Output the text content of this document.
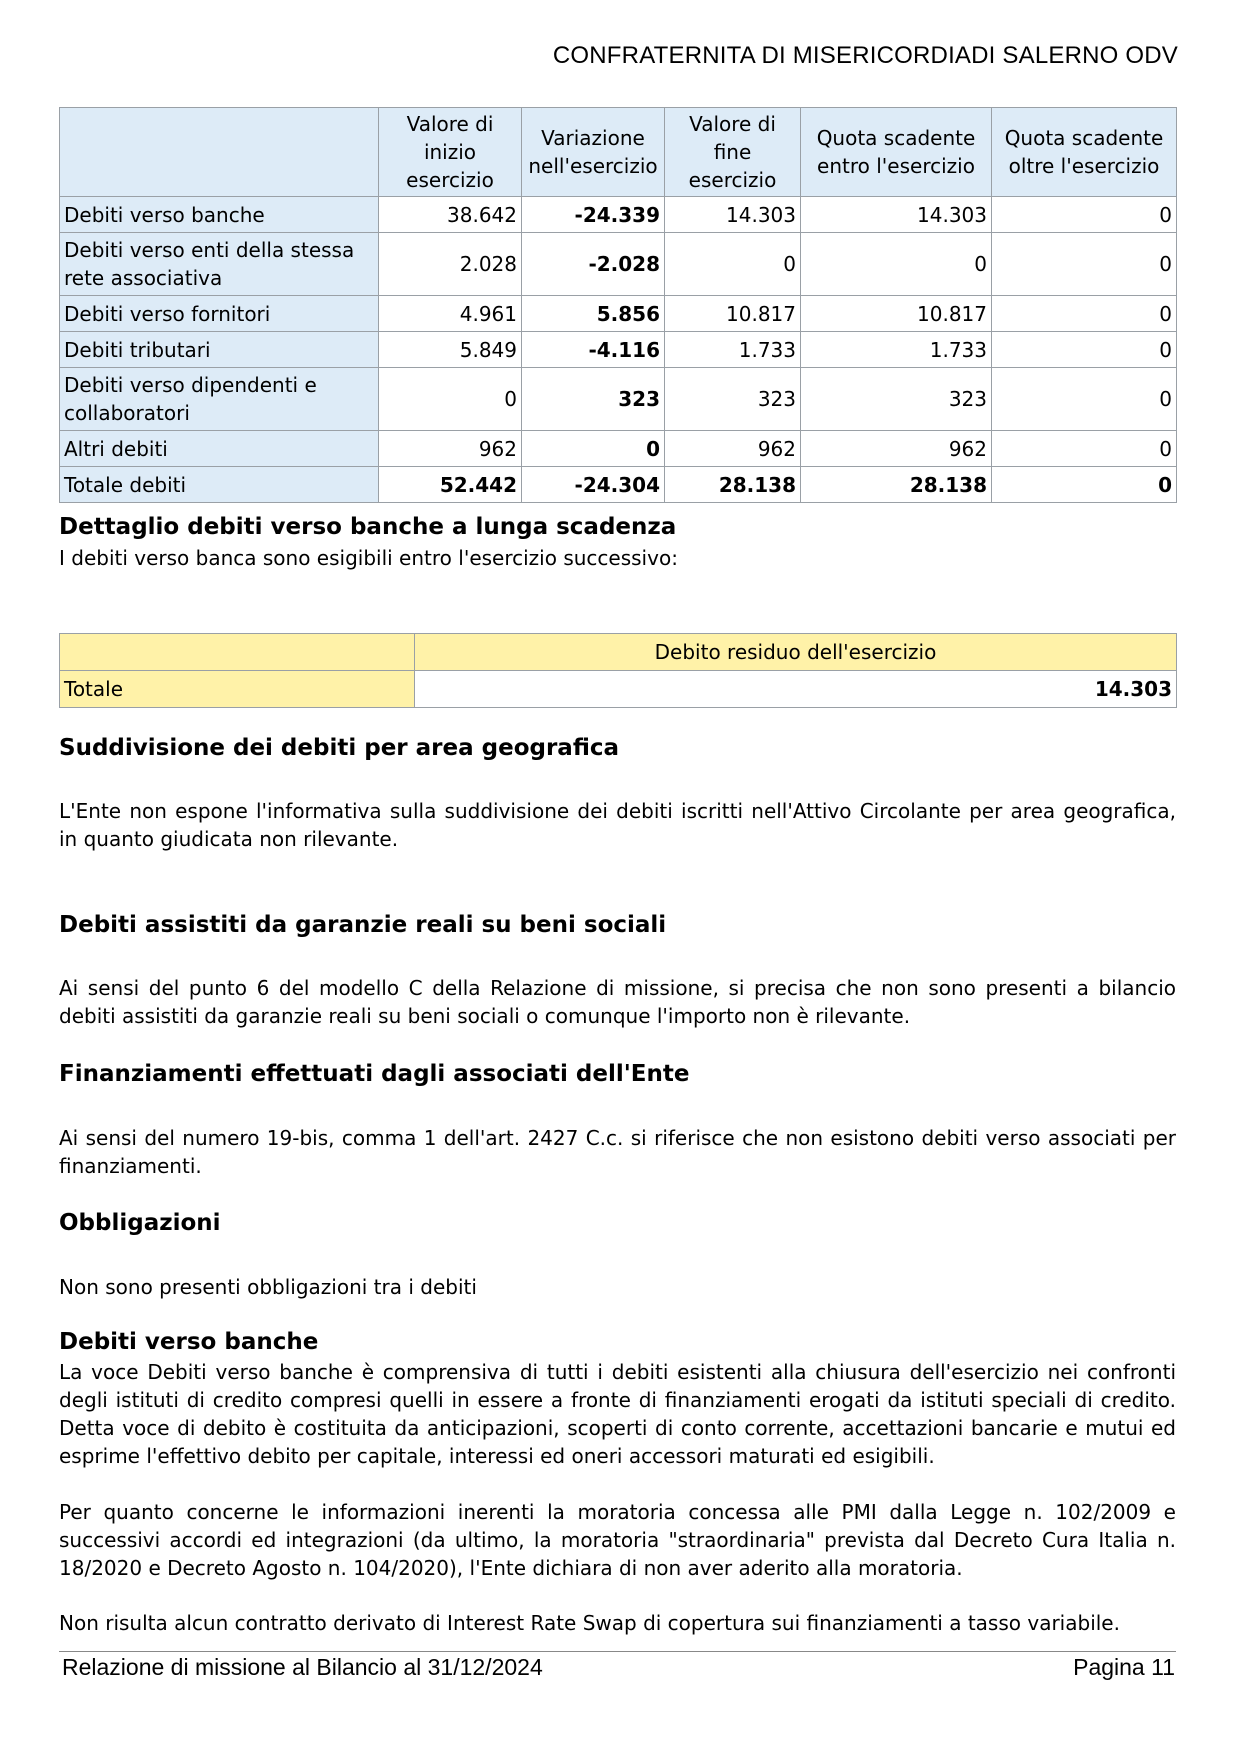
CONFRATERNITA DI MISERICORDIADI SALERNO ODV
	Valore di inizio esercizio	Variazione nell'esercizio	Valore di fine esercizio	Quota scadente entro l'esercizio	Quota scadente oltre l'esercizio
Debiti verso banche	38.642	-24.339	14.303	14.303	0
Debiti verso enti della stessa rete associativa	2.028	-2.028	0	0	0
Debiti verso fornitori	4.961	5.856	10.817	10.817	0
Debiti tributari	5.849	-4.116	1.733	1.733	0
Debiti verso dipendenti e collaboratori	0	323	323	323	0
Altri debiti	962	0	962	962	0
Totale debiti	52.442	-24.304	28.138	28.138	0
Dettaglio debiti verso banche a lunga scadenza
I debiti verso banca sono esigibili entro l'esercizio successivo:
	Debito residuo dell'esercizio
Totale	14.303
Suddivisione dei debiti per area geografica
L'Ente non espone l'informativa sulla suddivisione dei debiti iscritti nell'Attivo Circolante per area geografica, in quanto giudicata non rilevante.
Debiti assistiti da garanzie reali su beni sociali
Ai sensi del punto 6 del modello C della Relazione di missione, si precisa che non sono presenti a bilancio debiti assistiti da garanzie reali su beni sociali o comunque l'importo non è rilevante.
Finanziamenti effettuati dagli associati dell'Ente
Ai sensi del numero 19-bis, comma 1 dell'art. 2427 C.c. si riferisce che non esistono debiti verso associati per finanziamenti.
Obbligazioni
Non sono presenti obbligazioni tra i debiti
Debiti verso banche
La voce Debiti verso banche è comprensiva di tutti i debiti esistenti alla chiusura dell'esercizio nei confronti degli istituti di credito compresi quelli in essere a fronte di finanziamenti erogati da istituti speciali di credito. Detta voce di debito è costituita da anticipazioni, scoperti di conto corrente, accettazioni bancarie e mutui ed esprime l'effettivo debito per capitale, interessi ed oneri accessori maturati ed esigibili.
Per quanto concerne le informazioni inerenti la moratoria concessa alle PMI dalla Legge n. 102/2009 e successivi accordi ed integrazioni (da ultimo, la moratoria "straordinaria" prevista dal Decreto Cura Italia n. 18/2020 e Decreto Agosto n. 104/2020), l'Ente dichiara di non aver aderito alla moratoria.
Non risulta alcun contratto derivato di Interest Rate Swap di copertura sui finanziamenti a tasso variabile.
Relazione di missione al Bilancio al 31/12/2024	Pagina 11
